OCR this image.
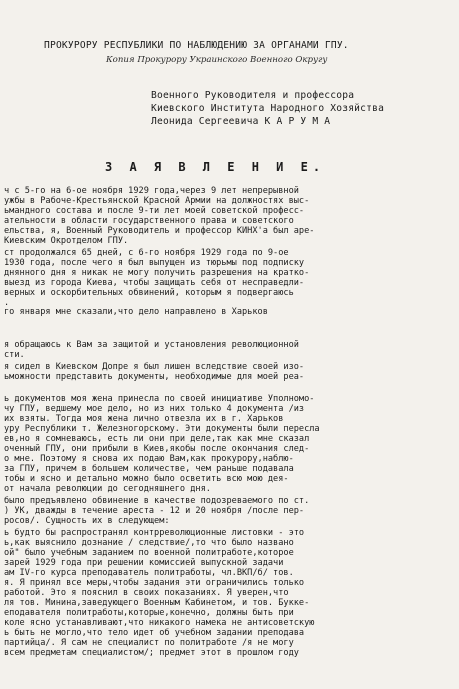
ПРОКУРОРУ РЕСПУБЛИКИ ПО НАБЛЮДЕНИЮ ЗА ОРГАНАМИ ГПУ.
Копия Прокурору Украинского Военного Округу
Военного Руководителя и профессора
Киевского Института Народного Хозяйства
Леонида Сергеевича К А Р У М А
З А Я В Л Е Н И Е.
ч с 5-го на 6-ое ноября 1929 года,через 9 лет непрерывной
ужбы в Рабоче-Крестьянской Красной Армии на должностях выс-
ьмандного состава и после 9-ти лет моей советской професс-
ательности в области государственного права и советского
ельства, я, Военный Руководитель и профессор КИНХ'а был аре-
Киевским Окротделом ГПУ.
ст продолжался 65 дней, с 6-го ноября 1929 года по 9-ое
1930 года, после чего я был выпущен из тюрьмы под подписку
днянного дня я никак не могу получить разрешения на кратко-
выезд из города Киева, чтобы защищать себя от несправедли-
верных и оскорбительных обвинений, которым я подвергаюсь
.
го января мне сказали,что дело направлено в Харьков
я обращаюсь к Вам за защитой и установления революционной
сти.
я сидел в Киевском Допре я был лишен вследствие своей изо-
ьможности представить документы, необходимые для моей реа-
ь документов моя жена принесла по своей инициативе Уполномо-
чу ГПУ, ведшему мое дело, но из них только 4 документа /из
их взяты. Тогда моя жена лично отвезла их в г. Харьков
уру Республики т. Железногорскому. Эти документы были пересла
ев,но я сомневаюсь, есть ли они при деле,так как мне сказал
оченный ГПУ, они прибыли в Киев,якобы после окончания след-
о мне. Поэтому я снова их подаю Вам,как прокурору,наблю-
за ГПУ, причем в большем количестве, чем раньше подавала
тобы и ясно и детально можно было осветить всю мою дея-
от начала революции до сегодняшнего дня.
было предъявлено обвинение в качестве подозреваемого по ст.
) УК, дважды в течение ареста - 12 и 20 ноября /после пер-
росов/. Сущность их в следующем:
ь будто бы распространял контрреволюционные листовки - это
ь,как выяснило дознание / следствие/,то что было названо
ой" было учебным заданием по военной политработе,которое
зарей 1929 года при решении комиссией выпускной задачи
ам IV-го курса преподаватель политработы, чл.ВКП/б/ тов.
я. Я принял все меры,чтобы задания эти ограничились только
работой. Это я пояснил в своих показаниях. Я уверен,что
ля тов. Минина,заведующего Военным Кабинетом, и тов. Букке-
еподавателя политработы,которые,конечно, должны быть при
коле ясно устанавливают,что никакого намека не антисоветскую
ь быть не могло,что тело идет об учебном задании преподава
партийца/. Я сам не специалист по политработе /я не могу
всем предметам специалистом/; предмет этот в прошлом году
